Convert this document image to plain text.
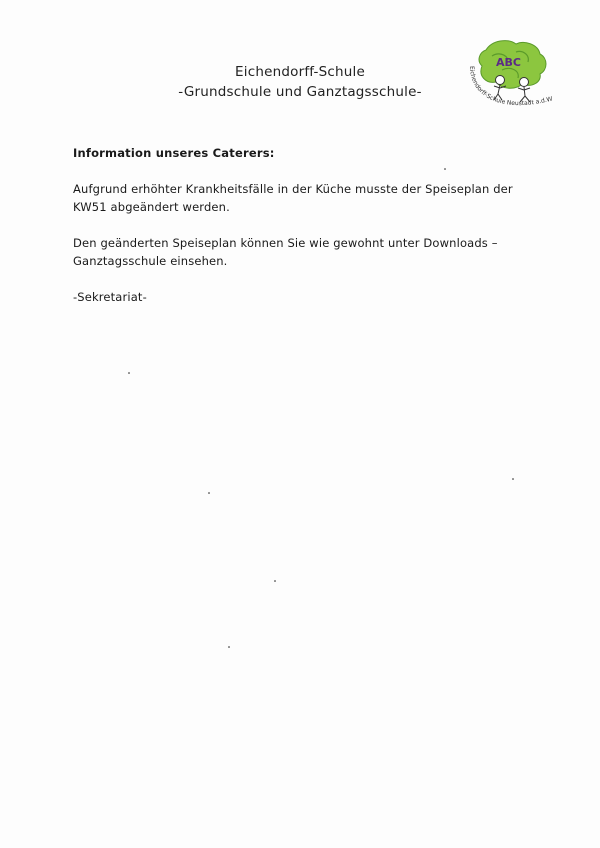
Eichendorff-Schule
-Grundschule und Ganztagsschule-
ABC
Eichendorff-Schule Neustadt a.d.W

Information unseres Caterers:

Aufgrund erhöhter Krankheitsfälle in der Küche musste der Speiseplan der KW51 abgeändert werden.

Den geänderten Speiseplan können Sie wie gewohnt unter Downloads – Ganztagsschule einsehen.

-Sekretariat-
